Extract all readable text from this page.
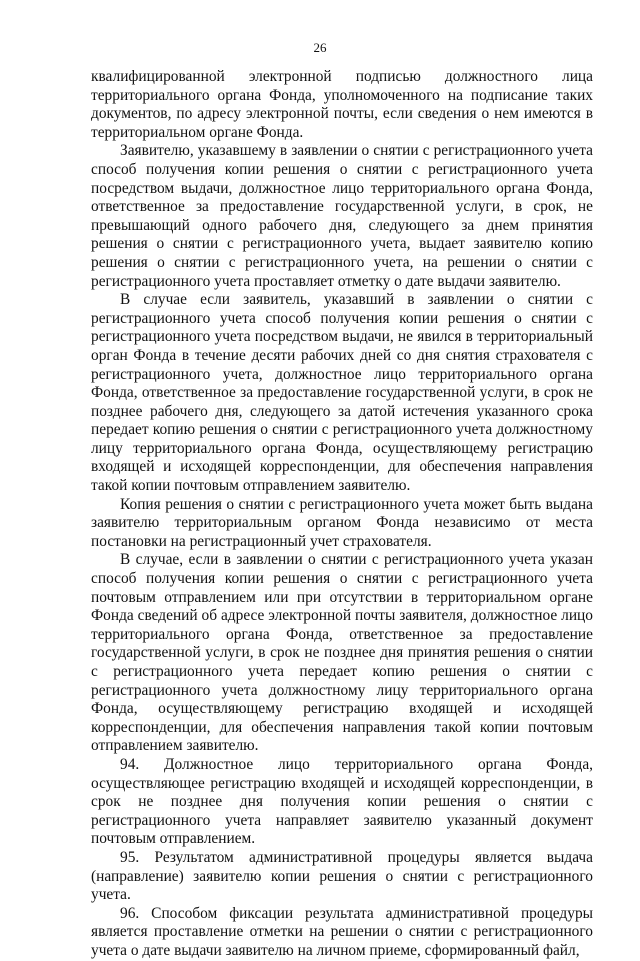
26

квалифицированной электронной подписью должностного лица территориального органа Фонда, уполномоченного на подписание таких документов, по адресу электронной почты, если сведения о нем имеются в территориальном органе Фонда.

Заявителю, указавшему в заявлении о снятии с регистрационного учета способ получения копии решения о снятии с регистрационного учета посредством выдачи, должностное лицо территориального органа Фонда, ответственное за предоставление государственной услуги, в срок, не превышающий одного рабочего дня, следующего за днем принятия решения о снятии с регистрационного учета, выдает заявителю копию решения о снятии с регистрационного учета, на решении о снятии с регистрационного учета проставляет отметку о дате выдачи заявителю.

В случае если заявитель, указавший в заявлении о снятии с регистрационного учета способ получения копии решения о снятии с регистрационного учета посредством выдачи, не явился в территориальный орган Фонда в течение десяти рабочих дней со дня снятия страхователя с регистрационного учета, должностное лицо территориального органа Фонда, ответственное за предоставление государственной услуги, в срок не позднее рабочего дня, следующего за датой истечения указанного срока передает копию решения о снятии с регистрационного учета должностному лицу территориального органа Фонда, осуществляющему регистрацию входящей и исходящей корреспонденции, для обеспечения направления такой копии почтовым отправлением заявителю.

Копия решения о снятии с регистрационного учета может быть выдана заявителю территориальным органом Фонда независимо от места постановки на регистрационный учет страхователя.

В случае, если в заявлении о снятии с регистрационного учета указан способ получения копии решения о снятии с регистрационного учета почтовым отправлением или при отсутствии в территориальном органе Фонда сведений об адресе электронной почты заявителя, должностное лицо территориального органа Фонда, ответственное за предоставление государственной услуги, в срок не позднее дня принятия решения о снятии с регистрационного учета передает копию решения о снятии с регистрационного учета должностному лицу территориального органа Фонда, осуществляющему регистрацию входящей и исходящей корреспонденции, для обеспечения направления такой копии почтовым отправлением заявителю.

94. Должностное лицо территориального органа Фонда, осуществляющее регистрацию входящей и исходящей корреспонденции, в срок не позднее дня получения копии решения о снятии с регистрационного учета направляет заявителю указанный документ почтовым отправлением.

95. Результатом административной процедуры является выдача (направление) заявителю копии решения о снятии с регистрационного учета.

96. Способом фиксации результата административной процедуры является проставление отметки на решении о снятии с регистрационного учета о дате выдачи заявителю на личном приеме, сформированный файл,
